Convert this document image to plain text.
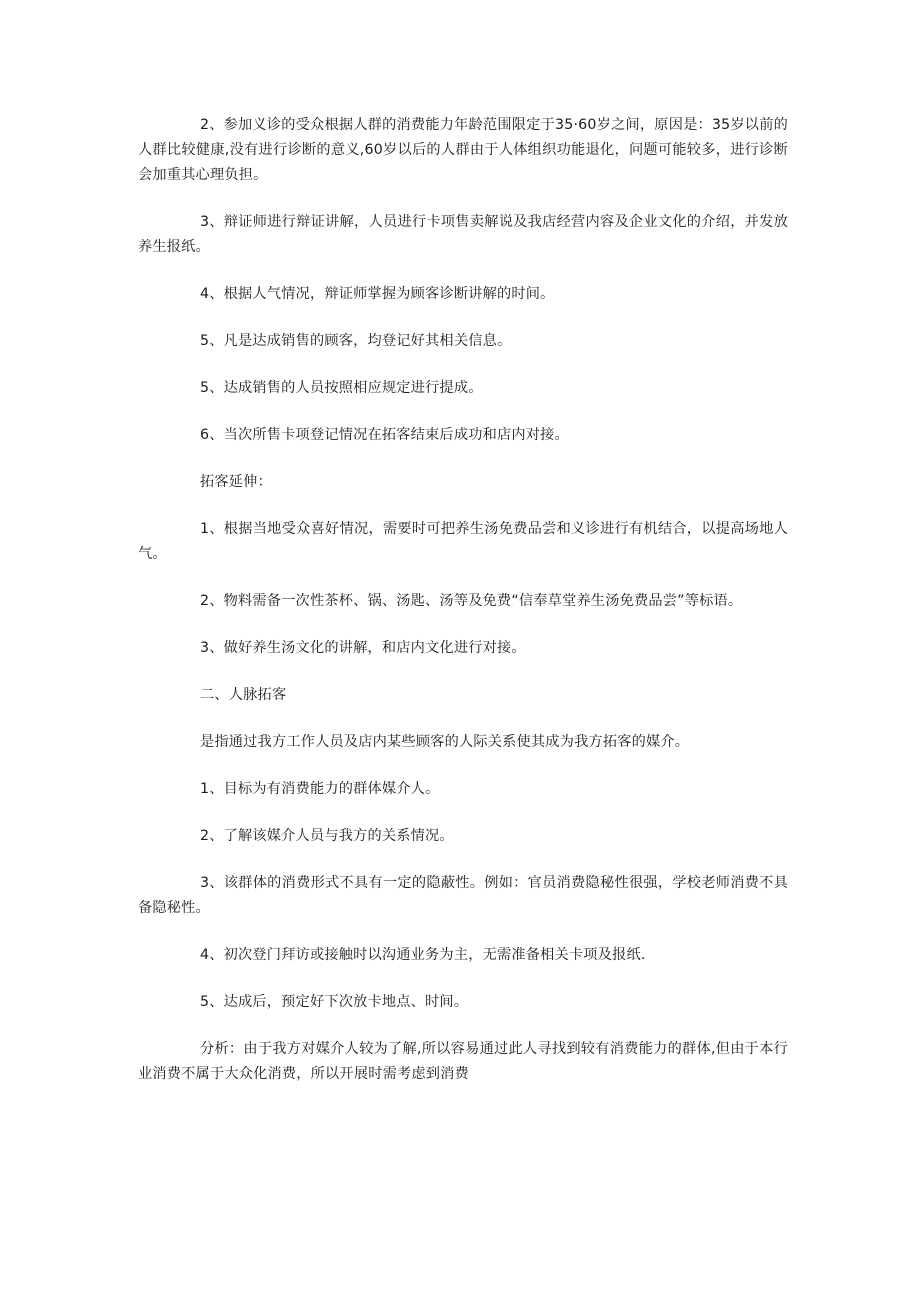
2、参加义诊的受众根据人群的消费能力年龄范围限定于35·60岁之间，原因是：35岁以前的人群比较健康,没有进行诊断的意义,60岁以后的人群由于人体组织功能退化，问题可能较多，进行诊断会加重其心理负担。

3、辩证师进行辩证讲解，人员进行卡项售卖解说及我店经营内容及企业文化的介绍，并发放养生报纸。

4、根据人气情况，辩证师掌握为顾客诊断讲解的时间。

5、凡是达成销售的顾客，均登记好其相关信息。

5、达成销售的人员按照相应规定进行提成。

6、当次所售卡项登记情况在拓客结束后成功和店内对接。

拓客延伸：

1、根据当地受众喜好情况，需要时可把养生汤免费品尝和义诊进行有机结合，以提高场地人气。

2、物料需备一次性茶杯、锅、汤匙、汤等及免费“信奉草堂养生汤免费品尝”等标语。

3、做好养生汤文化的讲解，和店内文化进行对接。

二、人脉拓客

是指通过我方工作人员及店内某些顾客的人际关系使其成为我方拓客的媒介。

1、目标为有消费能力的群体媒介人。

2、了解该媒介人员与我方的关系情况。

3、该群体的消费形式不具有一定的隐蔽性。例如：官员消费隐秘性很强，学校老师消费不具备隐秘性。

4、初次登门拜访或接触时以沟通业务为主，无需准备相关卡项及报纸.

5、达成后，预定好下次放卡地点、时间。

分析：由于我方对媒介人较为了解,所以容易通过此人寻找到较有消费能力的群体,但由于本行业消费不属于大众化消费，所以开展时需考虑到消费
